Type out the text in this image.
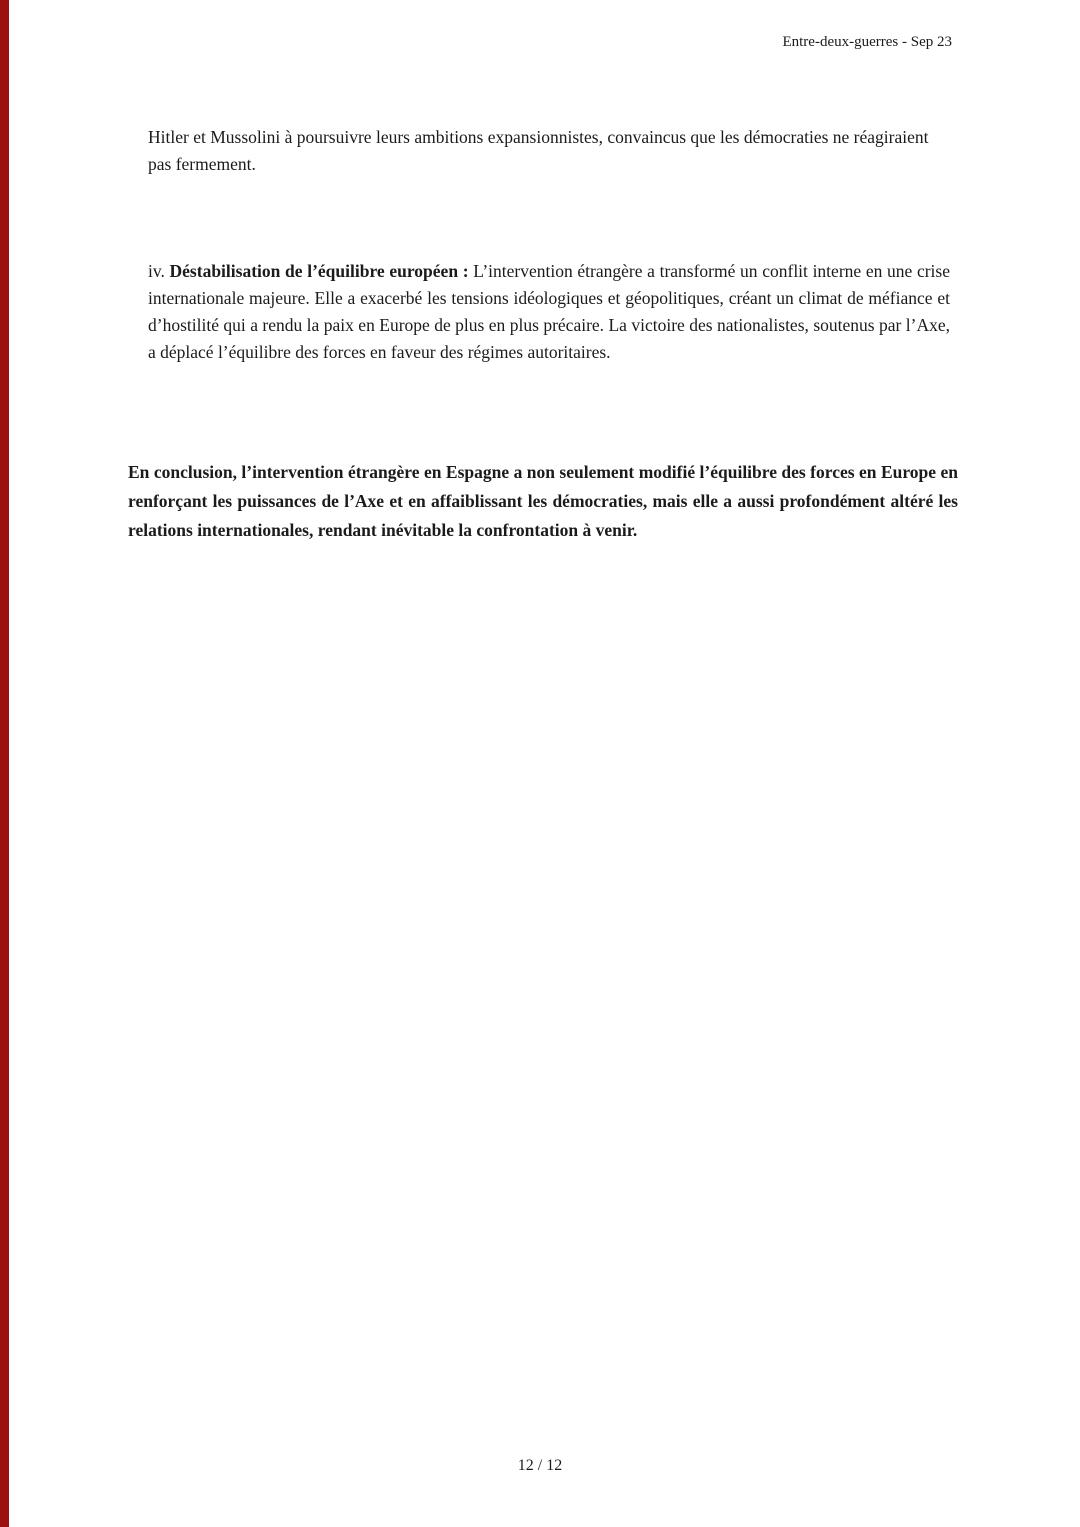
Entre-deux-guerres - Sep 23

Hitler et Mussolini à poursuivre leurs ambitions expansionnistes, convaincus que les démocraties ne réagiraient pas fermement.

iv. Déstabilisation de l’équilibre européen : L’intervention étrangère a transformé un conflit interne en une crise internationale majeure. Elle a exacerbé les tensions idéologiques et géopolitiques, créant un climat de méfiance et d’hostilité qui a rendu la paix en Europe de plus en plus précaire. La victoire des nationalistes, soutenus par l’Axe, a déplacé l’équilibre des forces en faveur des régimes autoritaires.

En conclusion, l’intervention étrangère en Espagne a non seulement modifié l’équilibre des forces en Europe en renforçant les puissances de l’Axe et en affaiblissant les démocraties, mais elle a aussi profondément altéré les relations internationales, rendant inévitable la confrontation à venir.

12 / 12
